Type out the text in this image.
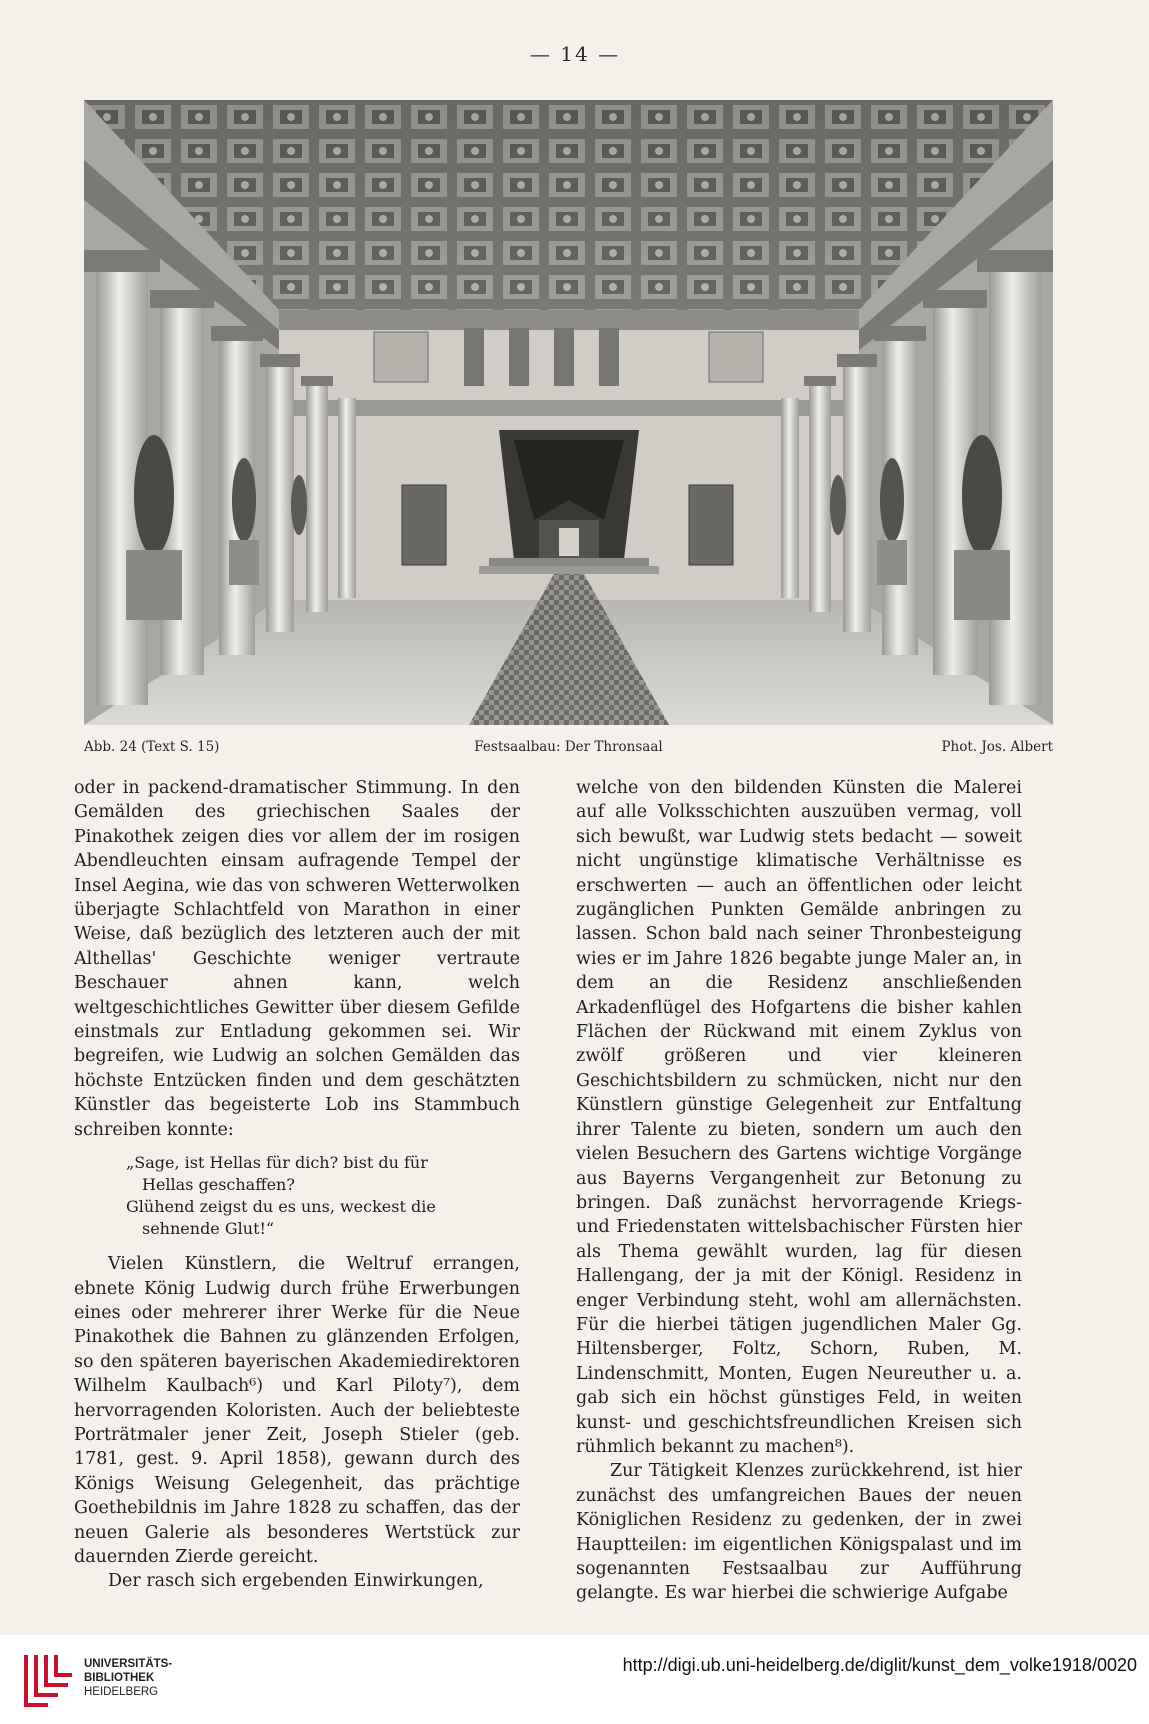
— 14 —
Abb. 24 (Text S. 15)	Festsaalbau: Der Thronsaal	Phot. Jos. Albert

oder in packend-dramatischer Stimmung. In den Gemälden des griechischen Saales der Pinakothek zeigen dies vor allem der im rosigen Abendleuchten einsam aufragende Tempel der Insel Aegina, wie das von schweren Wetterwolken überjagte Schlachtfeld von Marathon in einer Weise, daß bezüglich des letzteren auch der mit Althellas' Geschichte weniger vertraute Beschauer ahnen kann, welch weltgeschichtliches Gewitter über diesem Gefilde einstmals zur Entladung gekommen sei. Wir begreifen, wie Ludwig an solchen Gemälden das höchste Entzücken finden und dem geschätzten Künstler das begeisterte Lob ins Stammbuch schreiben konnte:

„Sage, ist Hellas für dich? bist du für
Hellas geschaffen?
Glühend zeigst du es uns, weckest die
sehnende Glut!“

Vielen Künstlern, die Weltruf errangen, ebnete König Ludwig durch frühe Erwerbungen eines oder mehrerer ihrer Werke für die Neue Pinakothek die Bahnen zu glänzenden Erfolgen, so den späteren bayerischen Akademiedirektoren Wilhelm Kaulbach⁶) und Karl Piloty⁷), dem hervorragenden Koloristen. Auch der beliebteste Porträtmaler jener Zeit, Joseph Stieler (geb. 1781, gest. 9. April 1858), gewann durch des Königs Weisung Gelegenheit, das prächtige Goethebildnis im Jahre 1828 zu schaffen, das der neuen Galerie als besonderes Wertstück zur dauernden Zierde gereicht.

Der rasch sich ergebenden Einwirkungen,

welche von den bildenden Künsten die Malerei auf alle Volksschichten auszuüben vermag, voll sich bewußt, war Ludwig stets bedacht — soweit nicht ungünstige klimatische Verhältnisse es erschwerten — auch an öffentlichen oder leicht zugänglichen Punkten Gemälde anbringen zu lassen. Schon bald nach seiner Thronbesteigung wies er im Jahre 1826 begabte junge Maler an, in dem an die Residenz anschließenden Arkadenflügel des Hofgartens die bisher kahlen Flächen der Rückwand mit einem Zyklus von zwölf größeren und vier kleineren Geschichtsbildern zu schmücken, nicht nur den Künstlern günstige Gelegenheit zur Entfaltung ihrer Talente zu bieten, sondern um auch den vielen Besuchern des Gartens wichtige Vorgänge aus Bayerns Vergangenheit zur Betonung zu bringen. Daß zunächst hervorragende Kriegs- und Friedenstaten wittelsbachischer Fürsten hier als Thema gewählt wurden, lag für diesen Hallengang, der ja mit der Königl. Residenz in enger Verbindung steht, wohl am allernächsten. Für die hierbei tätigen jugendlichen Maler Gg. Hiltensberger, Foltz, Schorn, Ruben, M. Lindenschmitt, Monten, Eugen Neureuther u. a. gab sich ein höchst günstiges Feld, in weiten kunst- und geschichtsfreundlichen Kreisen sich rühmlich bekannt zu machen⁸).

Zur Tätigkeit Klenzes zurückkehrend, ist hier zunächst des umfangreichen Baues der neuen Königlichen Residenz zu gedenken, der in zwei Hauptteilen: im eigentlichen Königspalast und im sogenannten Festsaalbau zur Aufführung gelangte. Es war hierbei die schwierige Aufgabe

UNIVERSITÄTS-
BIBLIOTHEK
HEIDELBERG
http://digi.ub.uni-heidelberg.de/diglit/kunst_dem_volke1918/0020
